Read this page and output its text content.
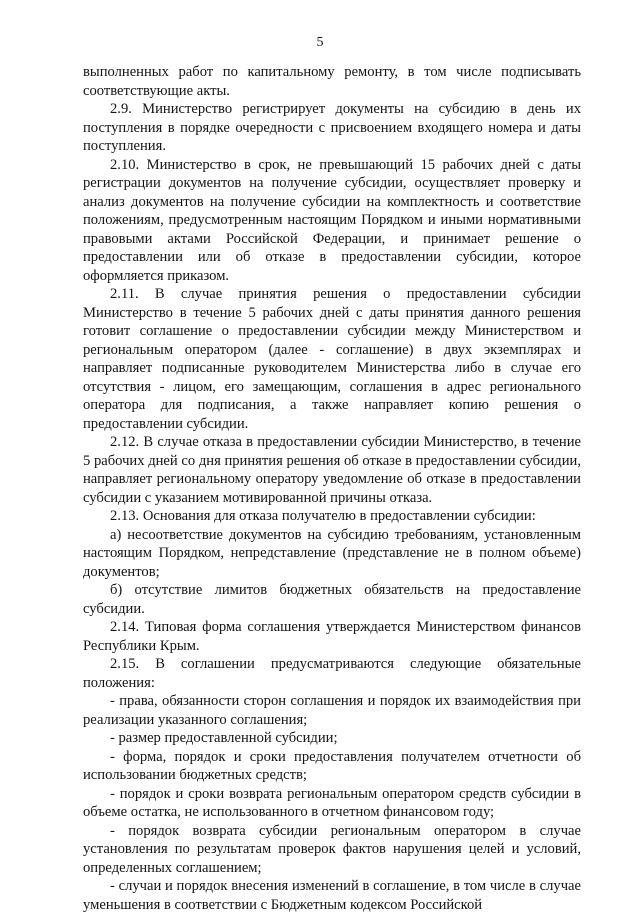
5

выполненных работ по капитальному ремонту, в том числе подписывать соответствующие акты.

2.9. Министерство регистрирует документы на субсидию в день их поступления в порядке очередности с присвоением входящего номера и даты поступления.

2.10. Министерство в срок, не превышающий 15 рабочих дней с даты регистрации документов на получение субсидии, осуществляет проверку и анализ документов на получение субсидии на комплектность и соответствие положениям, предусмотренным настоящим Порядком и иными нормативными правовыми актами Российской Федерации, и принимает решение о предоставлении или об отказе в предоставлении субсидии, которое оформляется приказом.

2.11. В случае принятия решения о предоставлении субсидии Министерство в течение 5 рабочих дней с даты принятия данного решения готовит соглашение о предоставлении субсидии между Министерством и региональным оператором (далее - соглашение) в двух экземплярах и направляет подписанные руководителем Министерства либо в случае его отсутствия - лицом, его замещающим, соглашения в адрес регионального оператора для подписания, а также направляет копию решения о предоставлении субсидии.

2.12. В случае отказа в предоставлении субсидии Министерство, в течение 5 рабочих дней со дня принятия решения об отказе в предоставлении субсидии, направляет региональному оператору уведомление об отказе в предоставлении субсидии с указанием мотивированной причины отказа.

2.13. Основания для отказа получателю в предоставлении субсидии:

а) несоответствие документов на субсидию требованиям, установленным настоящим Порядком, непредставление (представление не в полном объеме) документов;

б) отсутствие лимитов бюджетных обязательств на предоставление субсидии.

2.14. Типовая форма соглашения утверждается Министерством финансов Республики Крым.

2.15. В соглашении предусматриваются следующие обязательные положения:

- права, обязанности сторон соглашения и порядок их взаимодействия при реализации указанного соглашения;

- размер предоставленной субсидии;

- форма, порядок и сроки предоставления получателем отчетности об использовании бюджетных средств;

- порядок и сроки возврата региональным оператором средств субсидии в объеме остатка, не использованного в отчетном финансовом году;

- порядок возврата субсидии региональным оператором в случае установления по результатам проверок фактов нарушения целей и условий, определенных соглашением;

- случаи и порядок внесения изменений в соглашение, в том числе в случае уменьшения в соответствии с Бюджетным кодексом Российской
